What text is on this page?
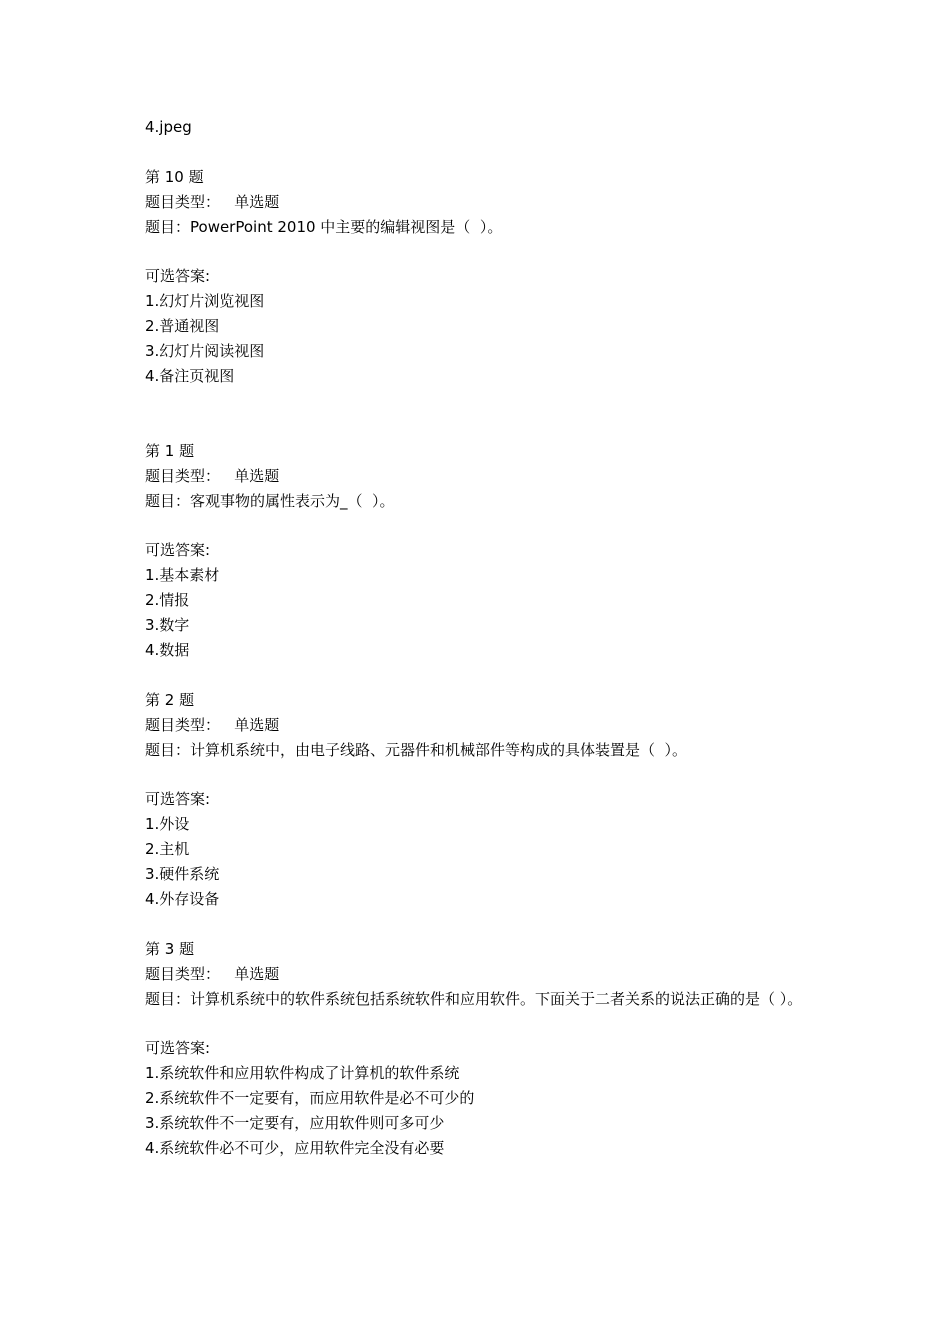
4.jpeg
第 10 题
题目类型：   单选题
题目：PowerPoint 2010 中主要的编辑视图是（  ）。
可选答案:
1.幻灯片浏览视图
2.普通视图
3.幻灯片阅读视图
4.备注页视图
第 1 题
题目类型：   单选题
题目：客观事物的属性表示为_（  ）。
可选答案:
1.基本素材
2.情报
3.数字
4.数据
第 2 题
题目类型：   单选题
题目：计算机系统中，由电子线路、元器件和机械部件等构成的具体装置是（  ）。
可选答案:
1.外设
2.主机
3.硬件系统
4.外存设备
第 3 题
题目类型：   单选题
题目：计算机系统中的软件系统包括系统软件和应用软件。下面关于二者关系的说法正确的是（ ）。
可选答案:
1.系统软件和应用软件构成了计算机的软件系统
2.系统软件不一定要有，而应用软件是必不可少的
3.系统软件不一定要有，应用软件则可多可少
4.系统软件必不可少，应用软件完全没有必要
